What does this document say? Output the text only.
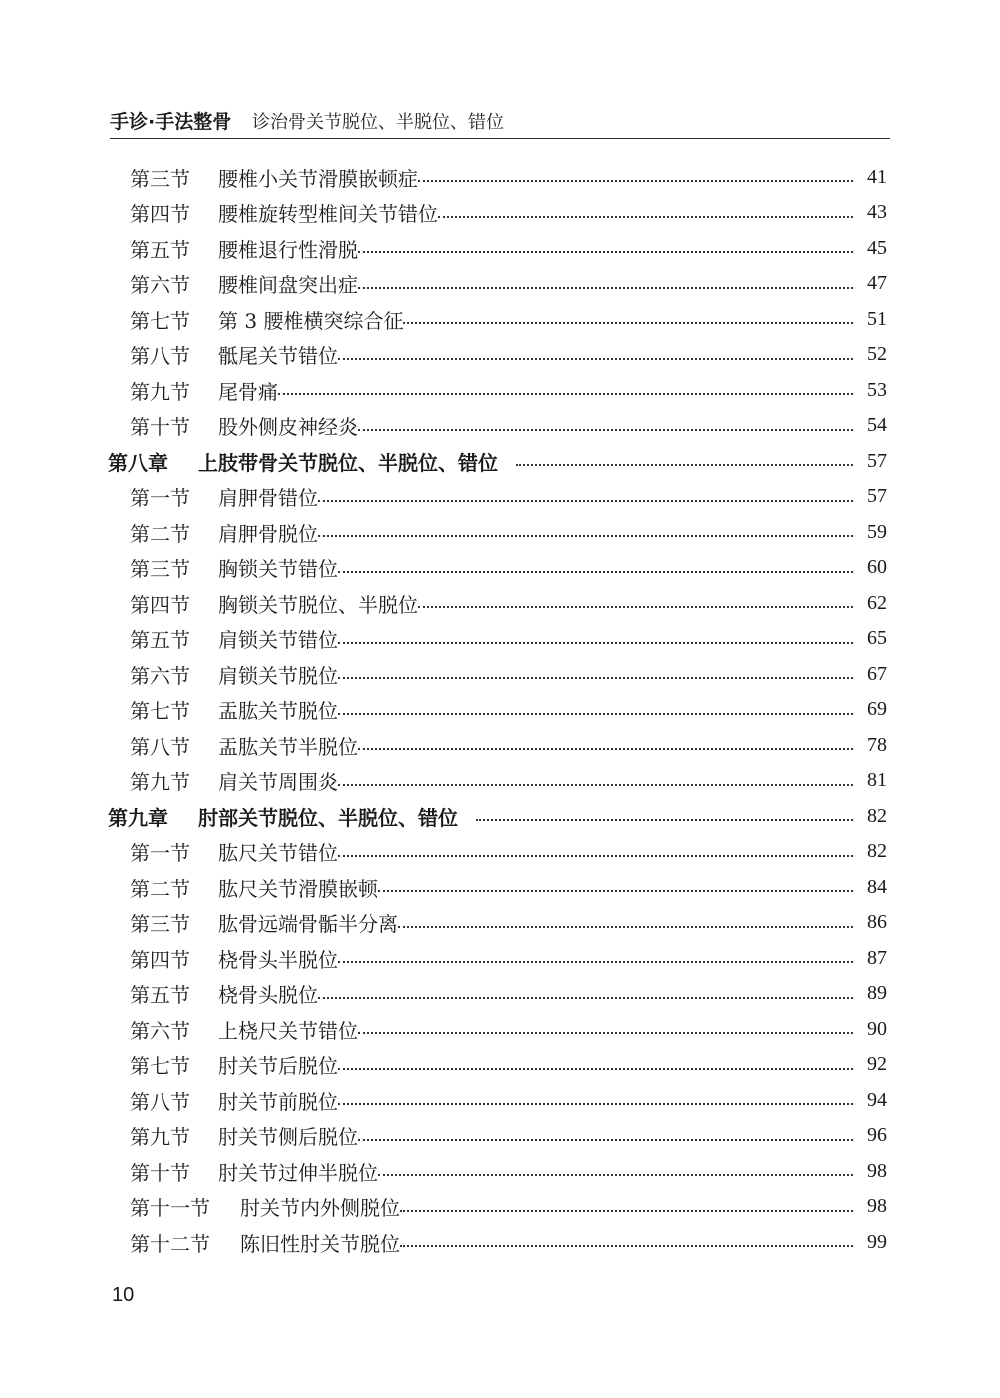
手诊·手法整骨 诊治骨关节脱位、半脱位、错位
第三节	腰椎小关节滑膜嵌顿症	41
第四节	腰椎旋转型椎间关节错位	43
第五节	腰椎退行性滑脱	45
第六节	腰椎间盘突出症	47
第七节	第 3 腰椎横突综合征	51
第八节	骶尾关节错位	52
第九节	尾骨痛	53
第十节	股外侧皮神经炎	54
第八章	上肢带骨关节脱位、半脱位、错位	57
第一节	肩胛骨错位	57
第二节	肩胛骨脱位	59
第三节	胸锁关节错位	60
第四节	胸锁关节脱位、半脱位	62
第五节	肩锁关节错位	65
第六节	肩锁关节脱位	67
第七节	盂肱关节脱位	69
第八节	盂肱关节半脱位	78
第九节	肩关节周围炎	81
第九章	肘部关节脱位、半脱位、错位	82
第一节	肱尺关节错位	82
第二节	肱尺关节滑膜嵌顿	84
第三节	肱骨远端骨骺半分离	86
第四节	桡骨头半脱位	87
第五节	桡骨头脱位	89
第六节	上桡尺关节错位	90
第七节	肘关节后脱位	92
第八节	肘关节前脱位	94
第九节	肘关节侧后脱位	96
第十节	肘关节过伸半脱位	98
第十一节	肘关节内外侧脱位	98
第十二节	陈旧性肘关节脱位	99
10
